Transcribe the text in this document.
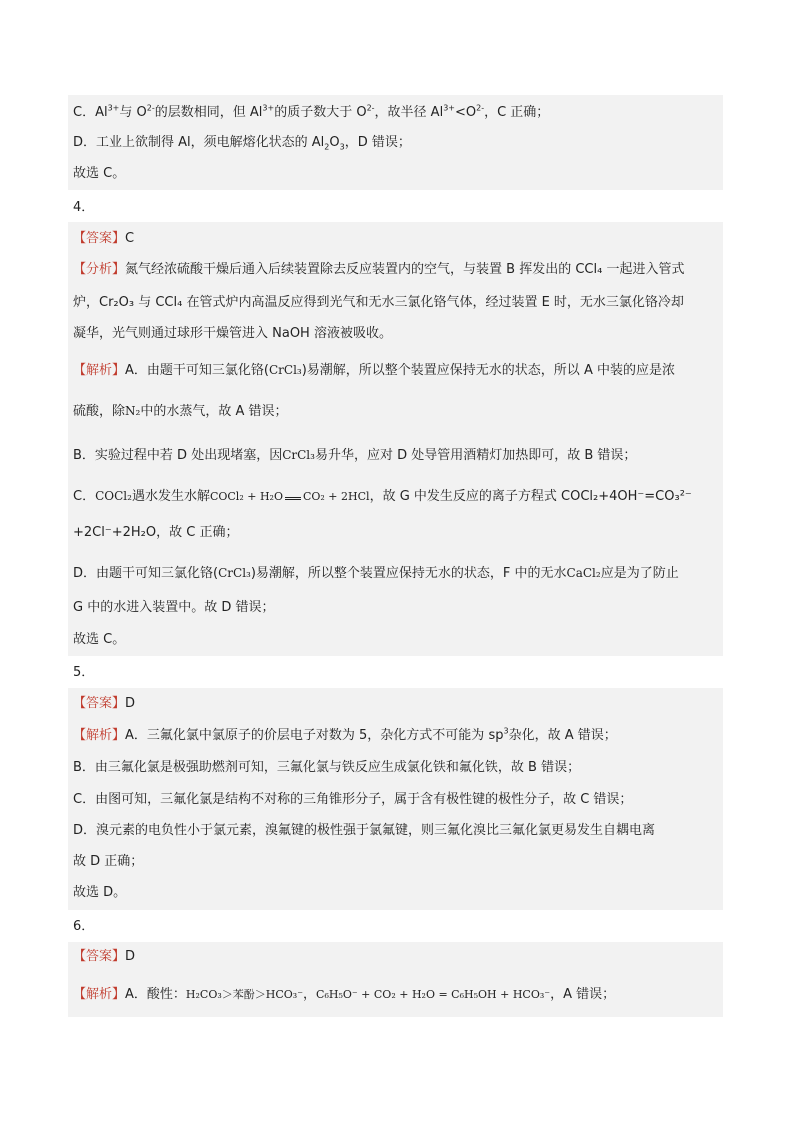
C．$Al^{3+}$与 $O^{2-}$的层数相同，但 $Al^{3+}$的质子数大于 $O^{2-}$，故半径 $Al^{3+}<O^{2-}$，C 正确；
D．工业上欲制得 Al，须电解熔化状态的 $Al_2O_3$，D 错误；
故选 C。
4．
【答案】C
【分析】氮气经浓硫酸干燥后通入后续装置除去反应装置内的空气，与装置 B 挥发出的 CCl₄ 一起进入管式
炉，Cr₂O₃ 与 CCl₄ 在管式炉内高温反应得到光气和无水三氯化铬气体，经过装置 E 时，无水三氯化铬冷却
凝华，光气则通过球形干燥管进入 NaOH 溶液被吸收。
【解析】A．由题干可知三氯化铬(CrCl₃)易潮解，所以整个装置应保持无水的状态，所以 A 中装的应是浓
硫酸，除N₂中的水蒸气，故 A 错误；
B．实验过程中若 D 处出现堵塞，因CrCl₃易升华，应对 D 处导管用酒精灯加热即可，故 B 错误；
C．COCl₂遇水发生水解COCl₂ + H₂O CO₂ + 2HCl，故 G 中发生反应的离子方程式 COCl₂+4OH⁻=CO₃²⁻
+2Cl⁻+2H₂O，故 C 正确；
D．由题干可知三氯化铬(CrCl₃)易潮解，所以整个装置应保持无水的状态，F 中的无水CaCl₂应是为了防止
G 中的水进入装置中。故 D 错误；
故选 C。
5．
【答案】D
【解析】A．三氟化氯中氯原子的价层电子对数为 5，杂化方式不可能为 $sp^3$杂化，故 A 错误；
B．由三氟化氯是极强助燃剂可知，三氟化氯与铁反应生成氯化铁和氟化铁，故 B 错误；
C．由图可知，三氟化氯是结构不对称的三角锥形分子，属于含有极性键的极性分子，故 C 错误；
D．溴元素的电负性小于氯元素，溴氟键的极性强于氯氟键，则三氟化溴比三氟化氯更易发生自耦电离
故 D 正确；
故选 D。
6．
【答案】D
【解析】A．酸性：H₂CO₃＞苯酚＞HCO₃⁻，C₆H₅O⁻ + CO₂ + H₂O = C₆H₅OH + HCO₃⁻，A 错误；
